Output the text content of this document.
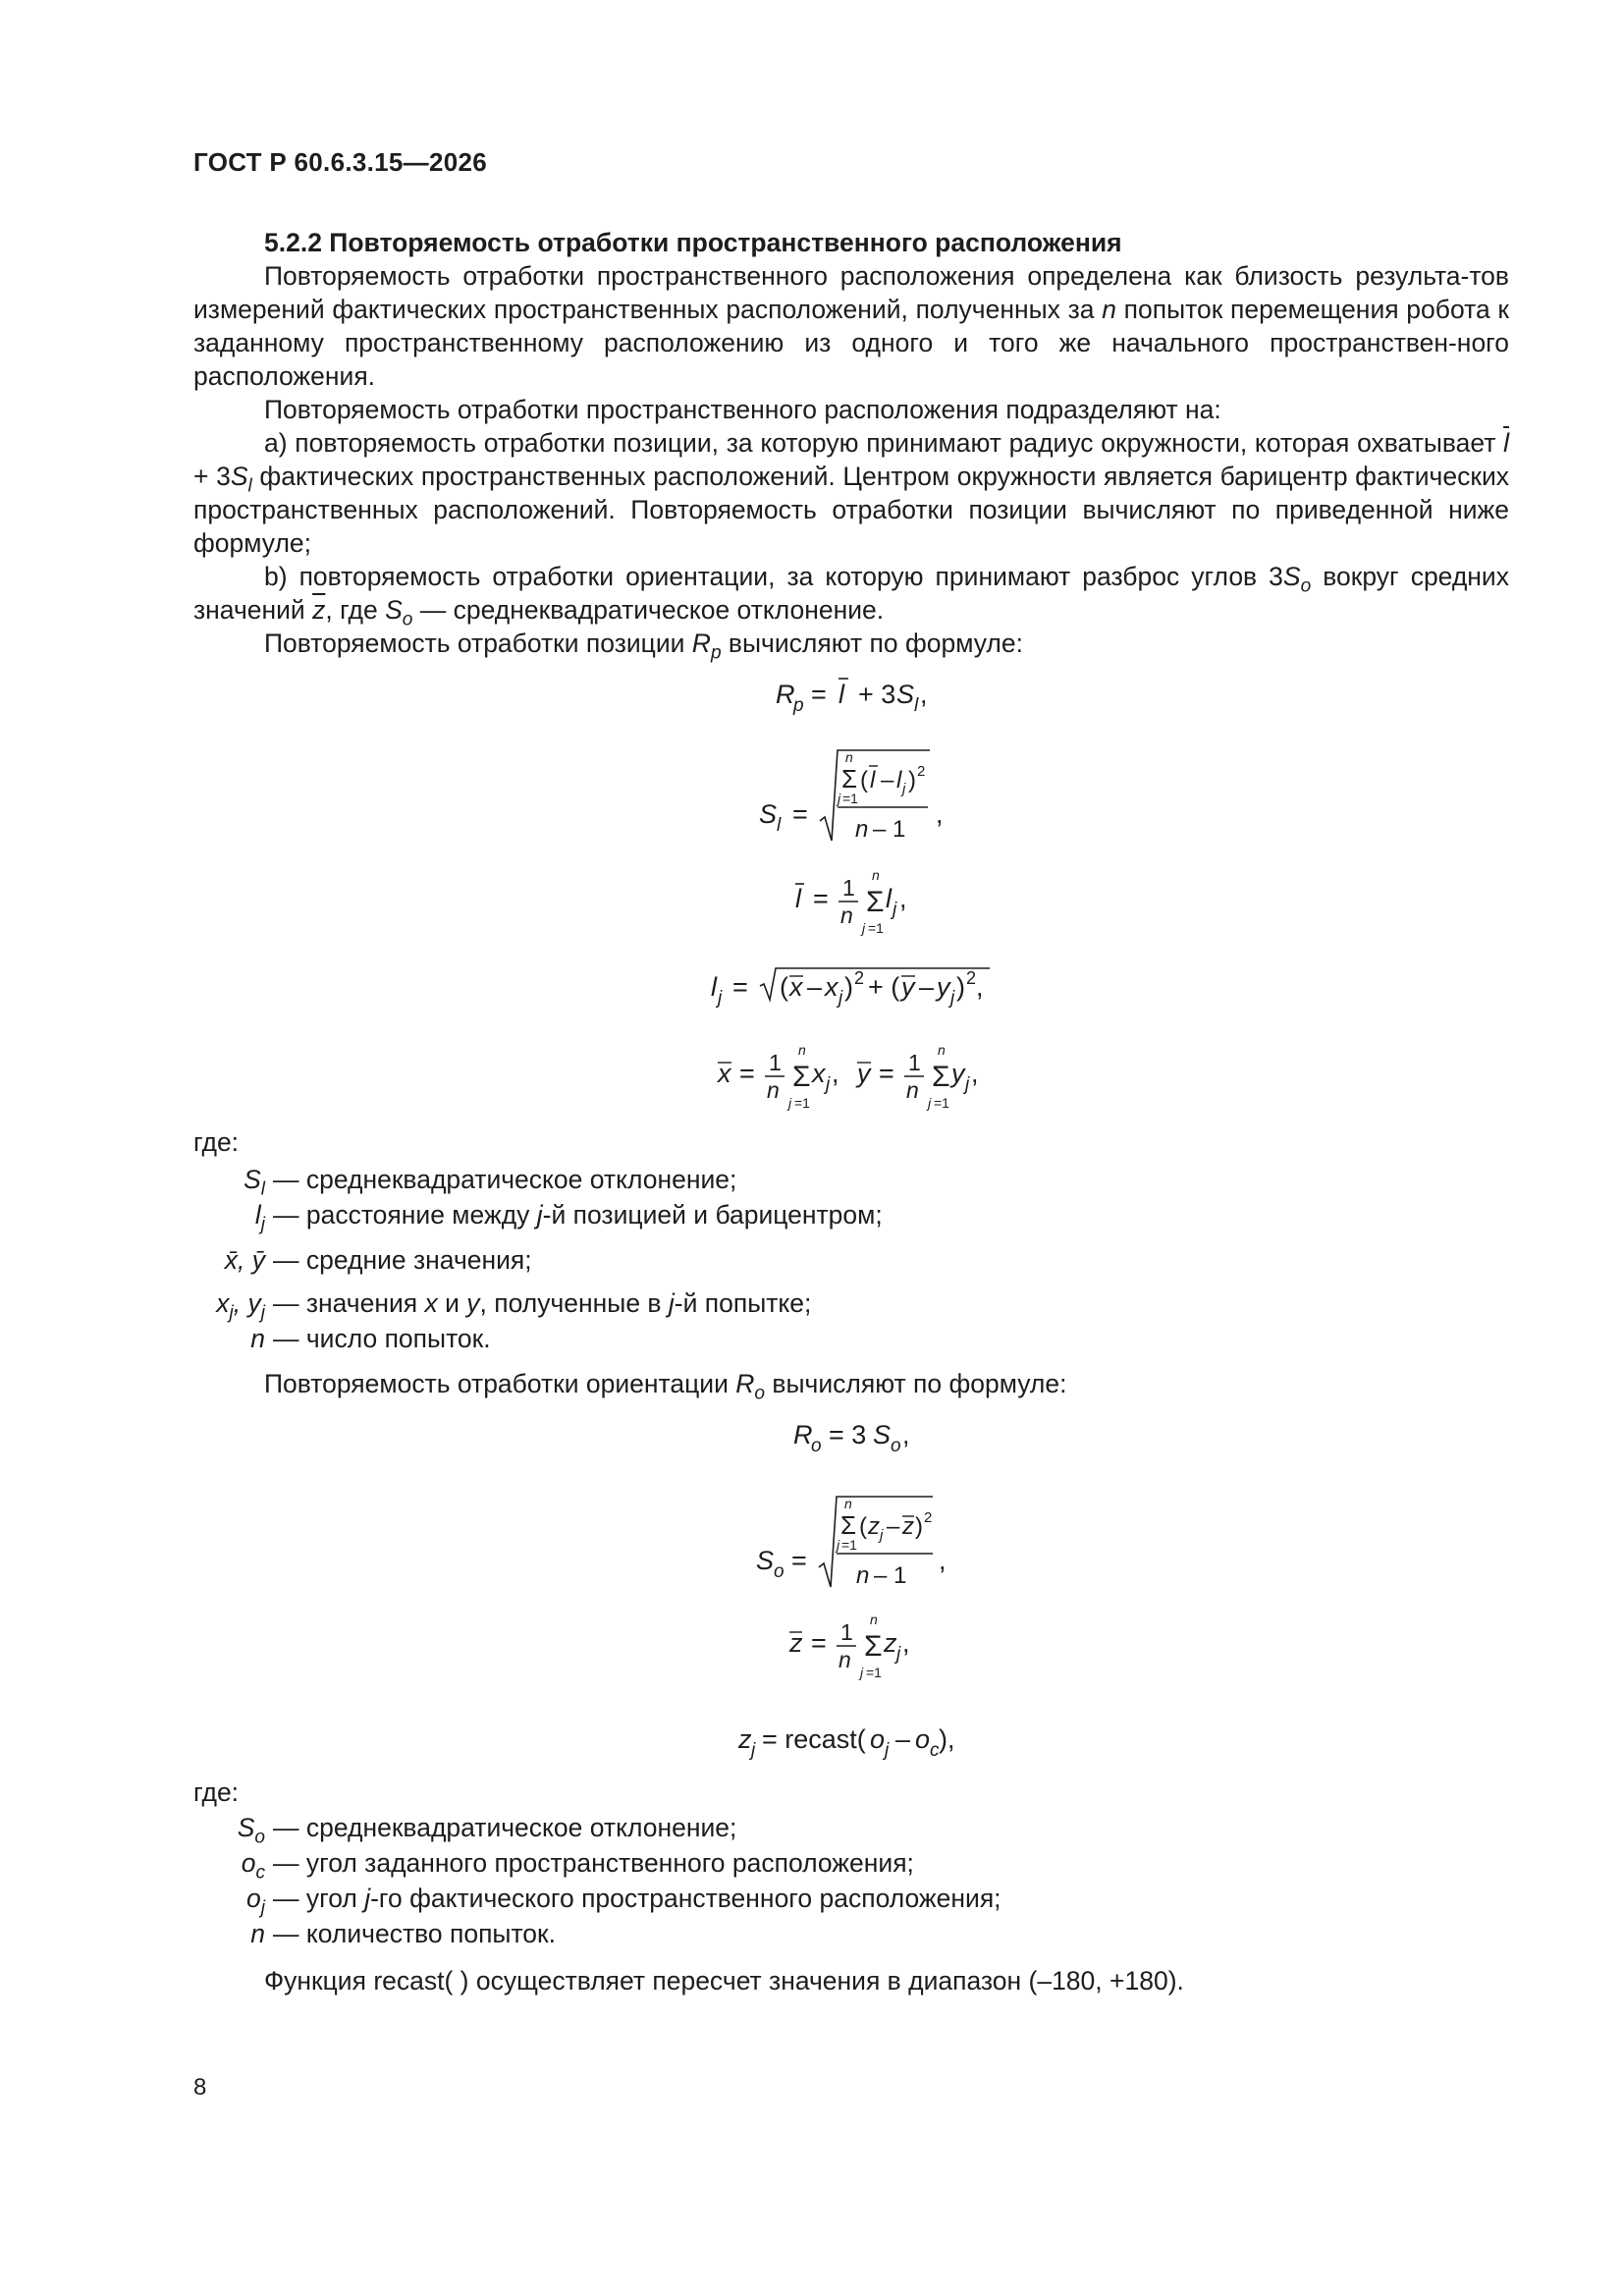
ГОСТ Р 60.6.3.15—2026
5.2.2 Повторяемость отработки пространственного расположения
Повторяемость отработки пространственного расположения определена как близость результа-тов измерений фактических пространственных расположений, полученных за n попыток перемещения робота к заданному пространственному расположению из одного и того же начального пространствен-ного расположения.
Повторяемость отработки пространственного расположения подразделяют на:
а) повторяемость отработки позиции, за которую принимают радиус окружности, которая охватывает $\overline{l} + 3S_l$ фактических пространственных расположений. Центром окружности является барицентр фактических пространственных расположений. Повторяемость отработки позиции вычисляют по приведенной ниже формуле;
b) повторяемость отработки ориентации, за которую принимают разброс углов $3S_o$ вокруг средних значений $\overline{z}$, где $S_o$ — среднеквадратическое отклонение.
Повторяемость отработки позиции $R_p$ вычисляют по формуле:
R
p = l + 3 S l ,
S l =
n
Σ
j =1
( l – l j ) 2
n – 1
,
l = 1
n
n
Σ
j =1
l j ,
l j = ( x – x j ) 2 + ( y – y j ) 2 ,
x = 1
n
n
Σ
j =1
x j , y = 1
n
n
Σ
j =1
y j ,
где:
$S_l$ — среднеквадратическое отклонение;
$l_j$ — расстояние между j-й позицией и барицентром;
x̄, ȳ — средние значения;
$x_j$, $y_j$ — значения x и y, полученные в j-й попытке;
n — число попыток.
Повторяемость отработки ориентации $R_o$ вычисляют по формуле:
R
o = 3 S o ,
S o =
n
Σ
j =1
( z j – z ) 2
n – 1
,
z = 1
n
n
Σ
j =1
z j ,
z j = recast( o j – o c ),
где:
$S_o$ — среднеквадратическое отклонение;
$o_c$ — угол заданного пространственного расположения;
$o_j$ — угол j-го фактического пространственного расположения;
n — количество попыток.
Функция recast( ) осуществляет пересчет значения в диапазон (–180, +180).
8
